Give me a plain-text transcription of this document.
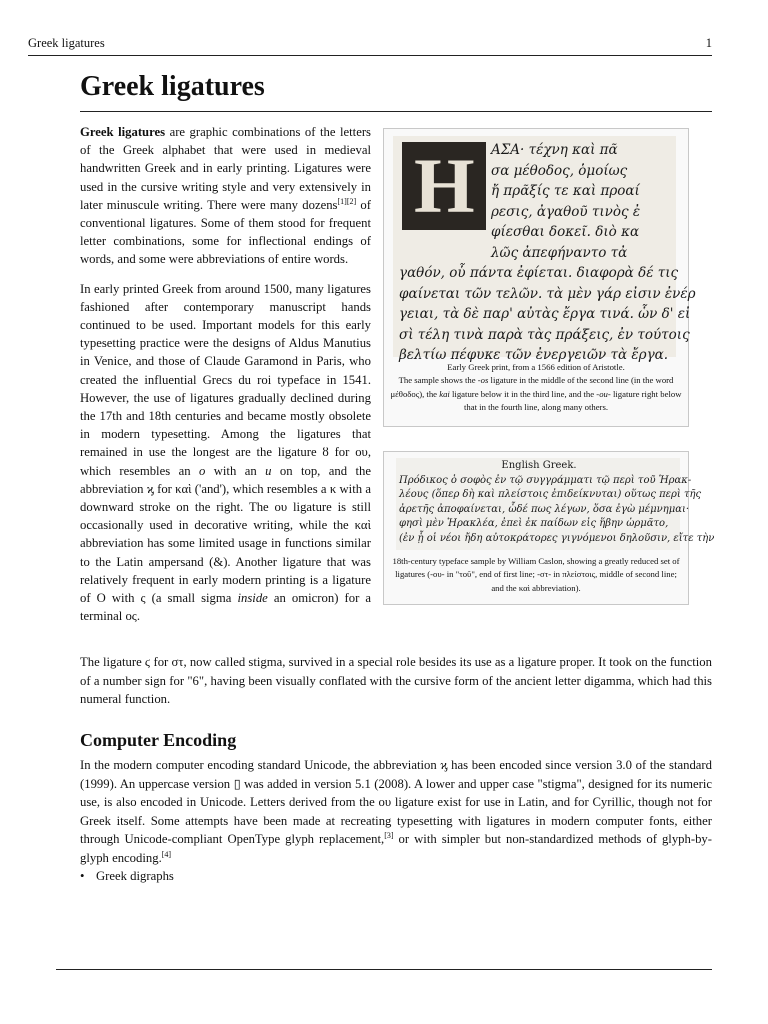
Greek ligatures	1
Greek ligatures

Greek ligatures are graphic combinations of the letters of the Greek alphabet that were used in medieval handwritten Greek and in early printing. Ligatures were used in the cursive writing style and very extensively in later minuscule writing. There were many dozens[1][2] of conventional ligatures. Some of them stood for frequent letter combinations, some for inflectional endings of words, and some were abbreviations of entire words.

In early printed Greek from around 1500, many ligatures fashioned after contemporary manuscript hands continued to be used. Important models for this early typesetting practice were the designs of Aldus Manutius in Venice, and those of Claude Garamond in Paris, who created the influential Grecs du roi typeface in 1541. However, the use of ligatures gradually declined during the 17th and 18th centuries and became mostly obsolete in modern typesetting. Among the ligatures that remained in use the longest are the ligature ȣ for ου, which resembles an o with an u on top, and the abbreviation ϗ for καὶ ('and'), which resembles a κ with a downward stroke on the right. The ου ligature is still occasionally used in decorative writing, while the καὶ abbreviation has some limited usage in functions similar to the Latin ampersand (&). Another ligature that was relatively frequent in early modern printing is a ligature of O with ς (a small sigma inside an omicron) for a terminal ος.

H	ΑΣΑ· τέχνη καὶ πᾶ
σα μέθοδος, ὁμοίως
ἤ πρᾶξίς τε καὶ προαί
ρεσις, ἀγαθοῦ τινὸς ἐ
φίεσθαι δοκεῖ. διὸ κα
λῶς ἀπεφήναντο τἀ
γαθόν, οὗ πάντα ἐφίεται. διαφορὰ δέ τις
φαίνεται τῶν τελῶν. τὰ μὲν γάρ εἰσιν ἐνέρ
γειαι, τὰ δὲ παρ' αὐτὰς ἔργα τινά. ὧν δ' εἰ
σὶ τέλη τινὰ παρὰ τὰς πράξεις, ἐν τούτοις
βελτίω πέφυκε τῶν ἐνεργειῶν τὰ ἔργα.
Early Greek print, from a 1566 edition of Aristotle.
The sample shows the -os ligature in the middle of the second line (in the word μέθοδος), the kai ligature below it in the third line, and the -ou- ligature right below that in the fourth line, along many others.
English Greek.
Πρόδικος ὁ σοφὸς ἐν τῷ συγγράμματι τῷ περὶ τοῦ Ἡρακ-
λέους (ὅπερ δὴ καὶ πλείστοις ἐπιδείκνυται) οὕτως περὶ τῆς
ἀρετῆς ἀποφαίνεται, ὧδέ πως λέγων, ὅσα ἐγὼ μέμνημαι·
φησὶ μὲν Ἡρακλέα, ἐπεὶ ἐκ παίδων εἰς ἥβην ὡρμᾶτο,
(ἐν ᾗ οἱ νέοι ἤδη αὐτοκράτορες γιγνόμενοι δηλοῦσιν, εἴτε τὴν
18th-century typeface sample by William Caslon, showing a greatly reduced set of ligatures (-ου- in "τοῦ", end of first line; -στ- in πλείστοις, middle of second line; and the καὶ abbreviation).
The ligature ϛ for στ, now called stigma, survived in a special role besides its use as a ligature proper. It took on the function of a number sign for "6", having been visually conflated with the cursive form of the ancient letter digamma, which had this numeral function.
Computer Encoding
In the modern computer encoding standard Unicode, the abbreviation ϗ has been encoded since version 3.0 of the standard (1999). An uppercase version ▯ was added in version 5.1 (2008). A lower and upper case "stigma", designed for its numeric use, is also encoded in Unicode. Letters derived from the ου ligature exist for use in Latin, and for Cyrillic, though not for Greek itself. Some attempts have been made at recreating typesetting with ligatures in modern computer fonts, either through Unicode-compliant OpenType glyph replacement,[3] or with simpler but non-standardized methods of glyph-by-glyph encoding.[4]
• Greek digraphs
